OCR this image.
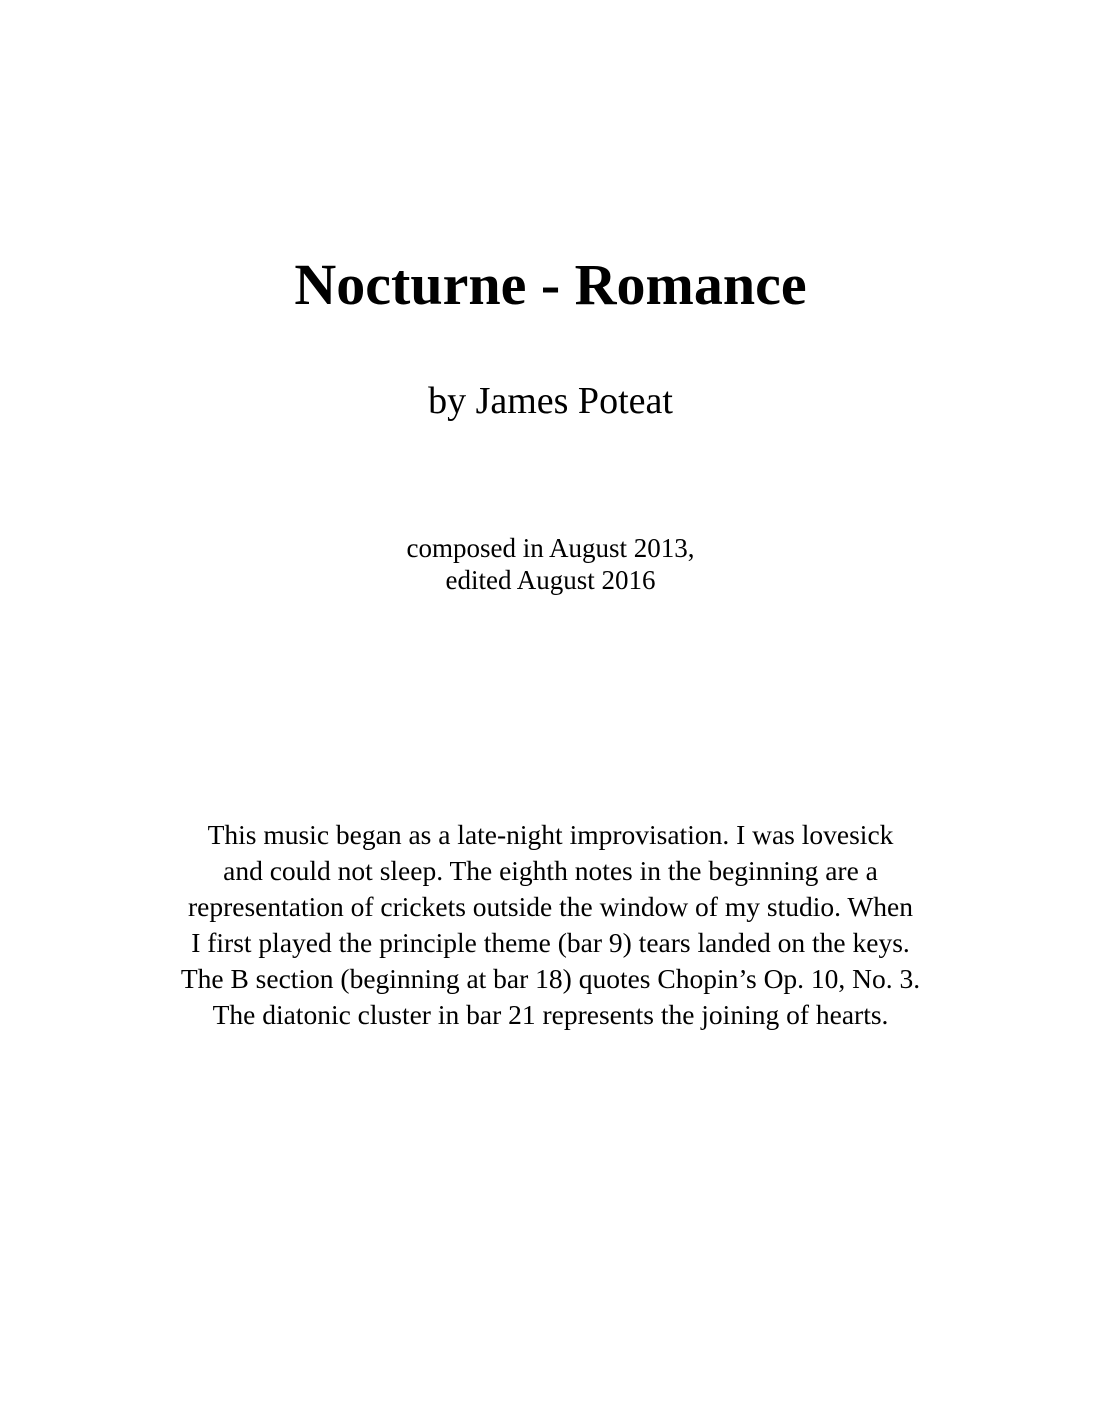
Nocturne - Romance

by James Poteat

composed in August 2013,
edited August 2016
This music began as a late-night improvisation. I was lovesick
and could not sleep. The eighth notes in the beginning are a
representation of crickets outside the window of my studio. When
I first played the principle theme (bar 9) tears landed on the keys.
The B section (beginning at bar 18) quotes Chopin’s Op. 10, No. 3.
The diatonic cluster in bar 21 represents the joining of hearts.
